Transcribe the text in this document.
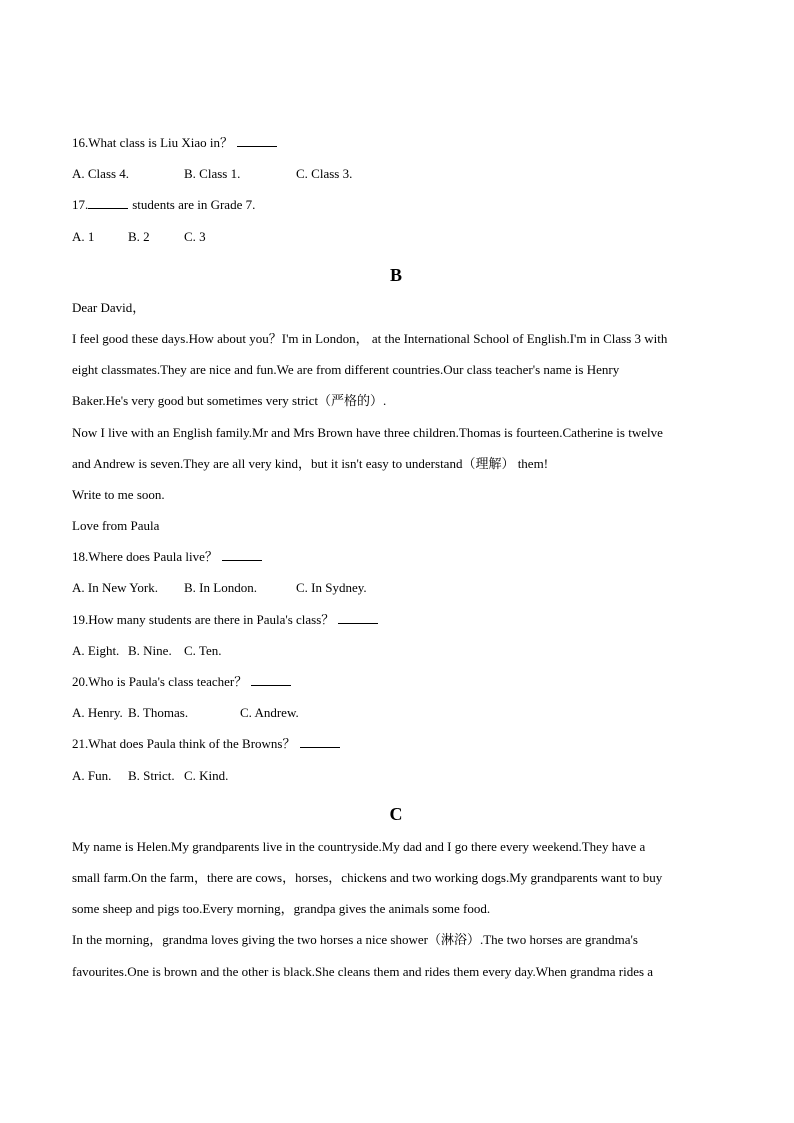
16.What class is Liu Xiao in？
A. Class 4.	B. Class 1.	C. Class 3.
17.	students are in Grade 7.
A. 1	B. 2	C. 3
B
Dear David，
I feel good these days.How about you？I'm in London， at the International School of English.I'm in Class 3 with
eight classmates.They are nice and fun.We are from different countries.Our class teacher's name is Henry
Baker.He's very good but sometimes very strict（严格的）.
Now I live with an English family.Mr and Mrs Brown have three children.Thomas is fourteen.Catherine is twelve
and Andrew is seven.They are all very kind，but it isn't easy to understand（理解） them!
Write to me soon.
Love from Paula
18.Where does Paula live？
A. In New York. B. In London.	C. In Sydney.
19.How many students are there in Paula's class？
A. Eight. B. Nine. C. Ten.
20.Who is Paula's class teacher？
A. Henry. B. Thomas.	C. Andrew.
21.What does Paula think of the Browns？
A. Fun. B. Strict. C. Kind.
C
My name is Helen.My grandparents live in the countryside.My dad and I go there every weekend.They have a
small farm.On the farm，there are cows，horses，chickens and two working dogs.My grandparents want to buy
some sheep and pigs too.Every morning，grandpa gives the animals some food.
In the morning，grandma loves giving the two horses a nice shower（淋浴）.The two horses are grandma's
favourites.One is brown and the other is black.She cleans them and rides them every day.When grandma rides a
